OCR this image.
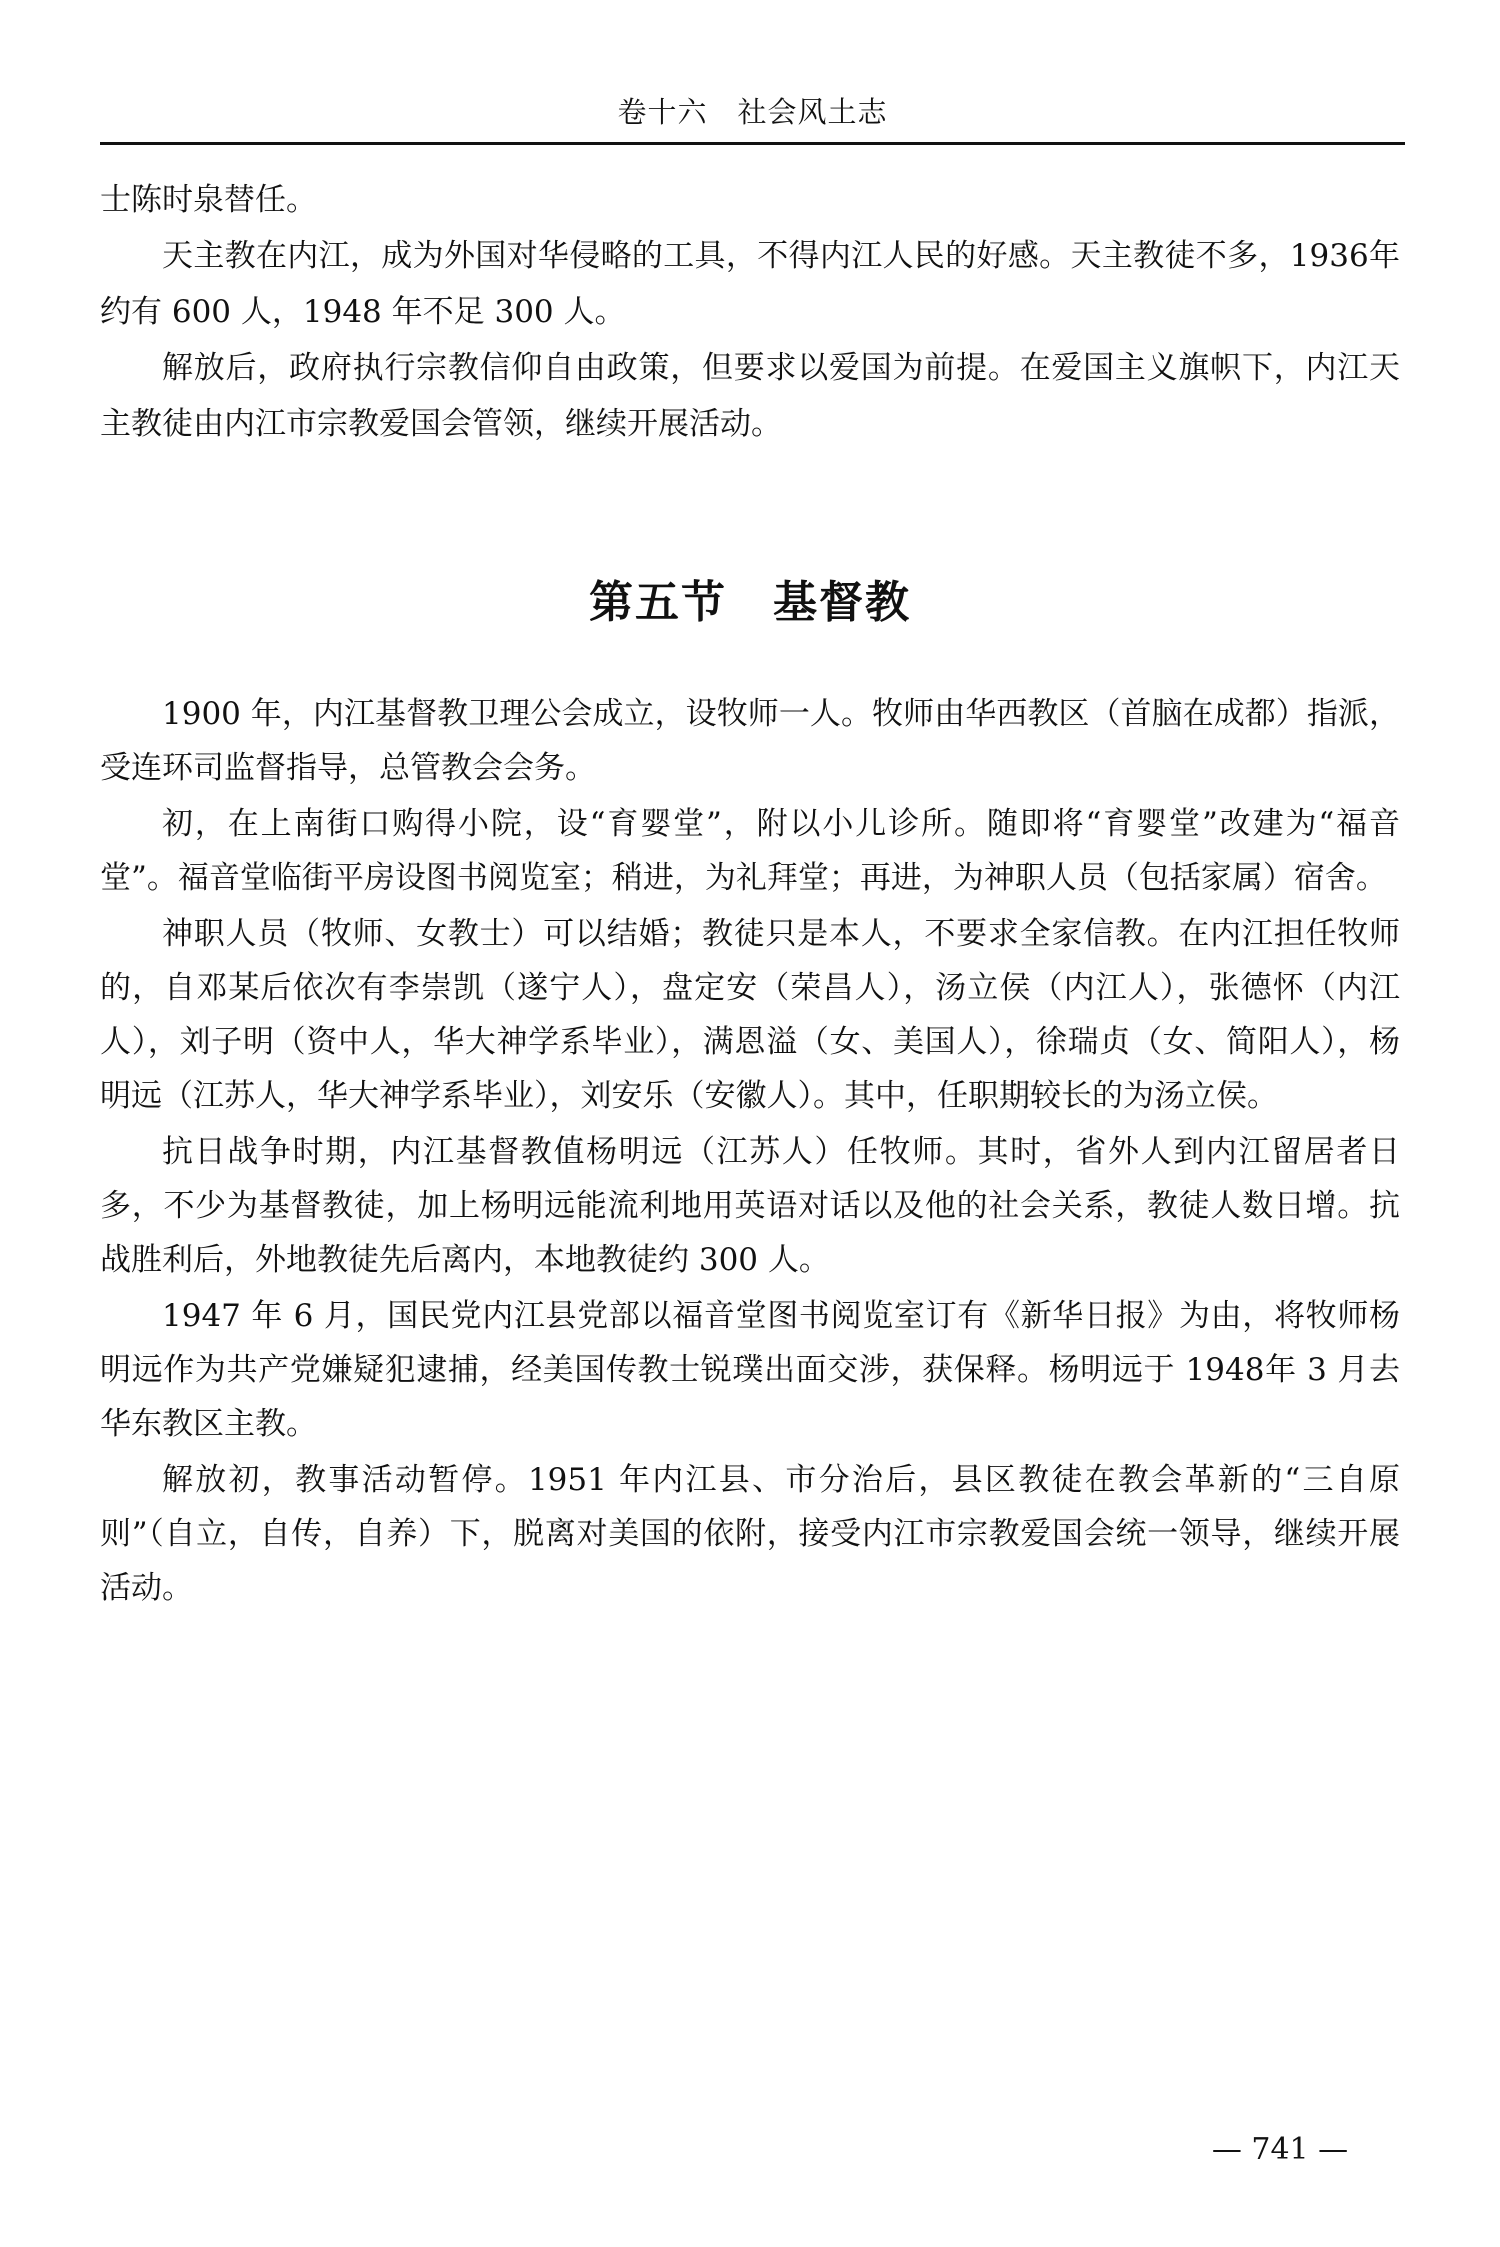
卷十六　社会风土志

士陈时泉替任。

天主教在内江，成为外国对华侵略的工具，不得内江人民的好感。天主教徒不多，1936年约有 600 人，1948 年不足 300 人。

解放后，政府执行宗教信仰自由政策，但要求以爱国为前提。在爱国主义旗帜下，内江天主教徒由内江市宗教爱国会管领，继续开展活动。

第五节　基督教

1900 年，内江基督教卫理公会成立，设牧师一人。牧师由华西教区（首脑在成都）指派，受连环司监督指导，总管教会会务。

初，在上南街口购得小院，设“育婴堂”，附以小儿诊所。随即将“育婴堂”改建为“福音堂”。福音堂临街平房设图书阅览室；稍进，为礼拜堂；再进，为神职人员（包括家属）宿舍。

神职人员（牧师、女教士）可以结婚；教徒只是本人，不要求全家信教。在内江担任牧师的，自邓某后依次有李崇凯（遂宁人），盘定安（荣昌人），汤立侯（内江人），张德怀（内江人），刘子明（资中人，华大神学系毕业），满恩溢（女、美国人），徐瑞贞（女、简阳人），杨明远（江苏人，华大神学系毕业），刘安乐（安徽人）。其中，任职期较长的为汤立侯。

抗日战争时期，内江基督教值杨明远（江苏人）任牧师。其时，省外人到内江留居者日多，不少为基督教徒，加上杨明远能流利地用英语对话以及他的社会关系，教徒人数日增。抗战胜利后，外地教徒先后离内，本地教徒约 300 人。

1947 年 6 月，国民党内江县党部以福音堂图书阅览室订有《新华日报》为由，将牧师杨明远作为共产党嫌疑犯逮捕，经美国传教士锐璞出面交涉，获保释。杨明远于 1948年 3 月去华东教区主教。

解放初，教事活动暂停。1951 年内江县、市分治后，县区教徒在教会革新的“三自原则”（自立，自传，自养）下，脱离对美国的依附，接受内江市宗教爱国会统一领导，继续开展活动。

— 741 —
